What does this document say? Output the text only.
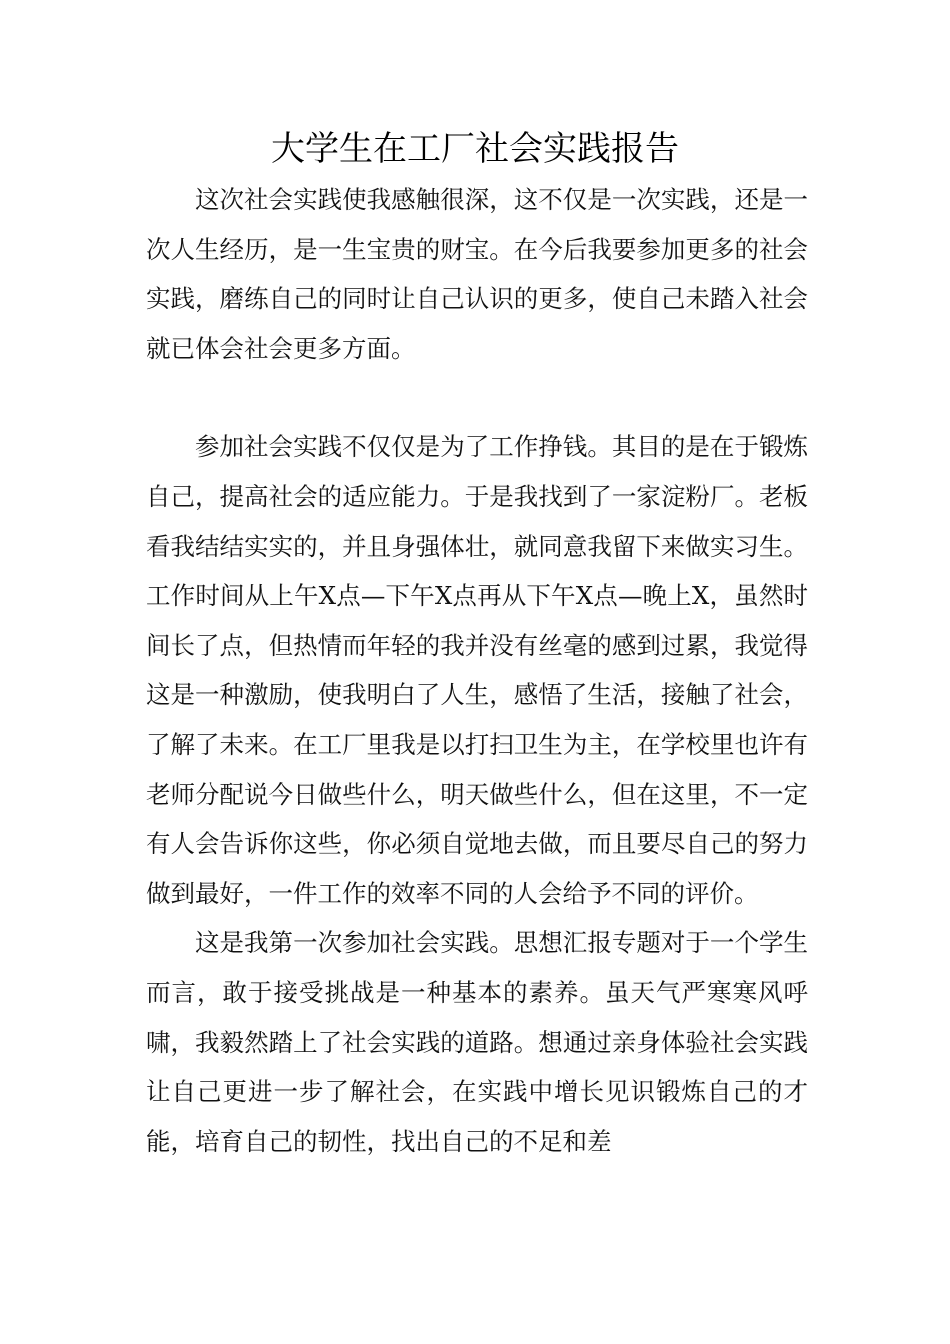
大学生在工厂社会实践报告

这次社会实践使我感触很深，这不仅是一次实践，还是一次人生经历，是一生宝贵的财宝。在今后我要参加更多的社会实践，磨练自己的同时让自己认识的更多，使自己未踏入社会就已体会社会更多方面。

参加社会实践不仅仅是为了工作挣钱。其目的是在于锻炼自己，提高社会的适应能力。于是我找到了一家淀粉厂。老板看我结结实实的，并且身强体壮，就同意我留下来做实习生。工作时间从上午X点—下午X点再从下午X点—晚上X，虽然时间长了点，但热情而年轻的我并没有丝毫的感到过累，我觉得这是一种激励，使我明白了人生，感悟了生活，接触了社会，了解了未来。在工厂里我是以打扫卫生为主，在学校里也许有老师分配说今日做些什么，明天做些什么，但在这里，不一定有人会告诉你这些，你必须自觉地去做，而且要尽自己的努力做到最好，一件工作的效率不同的人会给予不同的评价。

这是我第一次参加社会实践。思想汇报专题对于一个学生而言，敢于接受挑战是一种基本的素养。虽天气严寒寒风呼啸，我毅然踏上了社会实践的道路。想通过亲身体验社会实践让自己更进一步了解社会，在实践中增长见识锻炼自己的才能，培育自己的韧性，找出自己的不足和差
